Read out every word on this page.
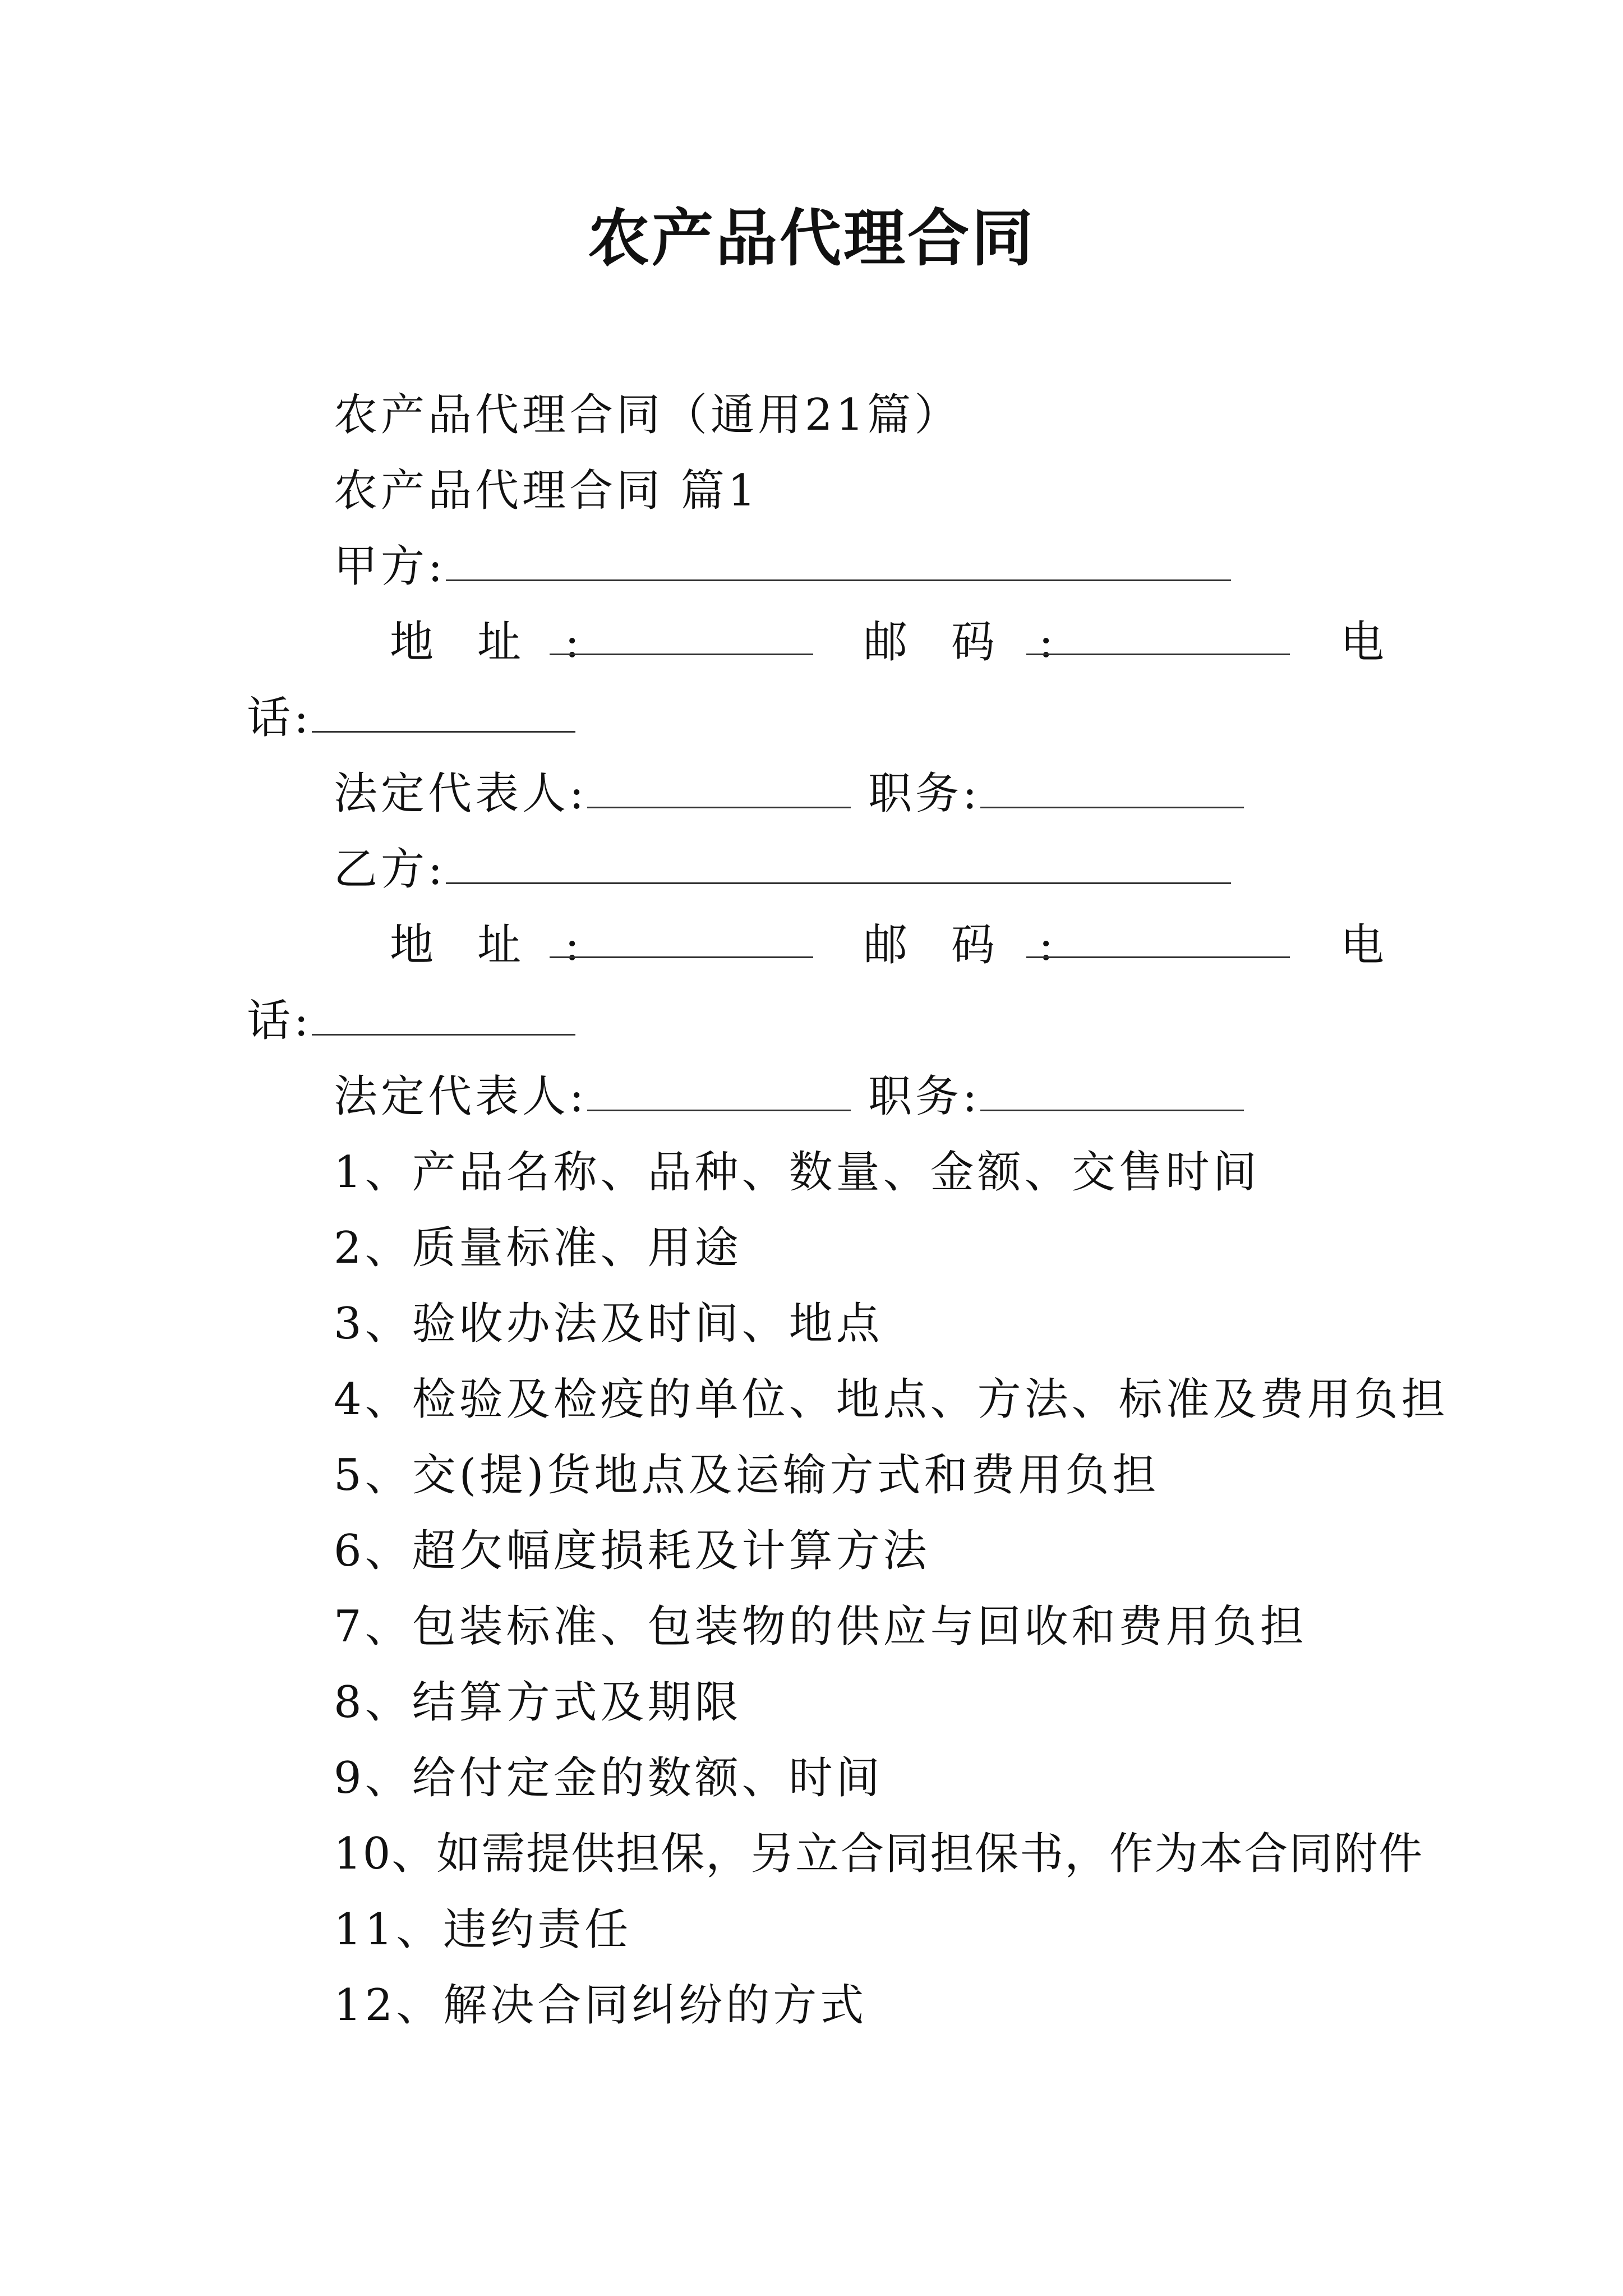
农产品代理合同
农产品代理合同（通用21篇）
农产品代理合同 篇1
甲方:
地　址　:	邮　码　:	电
话:
法定代表人:	职务:
乙方:
地　址　:	邮　码　:	电
话:
法定代表人:	职务:
1、产品名称、品种、数量、金额、交售时间
2、质量标准、用途
3、验收办法及时间、地点
4、检验及检疫的单位、地点、方法、标准及费用负担
5、交(提)货地点及运输方式和费用负担
6、超欠幅度损耗及计算方法
7、包装标准、包装物的供应与回收和费用负担
8、结算方式及期限
9、给付定金的数额、时间
10、如需提供担保，另立合同担保书，作为本合同附件
11、违约责任
12、解决合同纠纷的方式
